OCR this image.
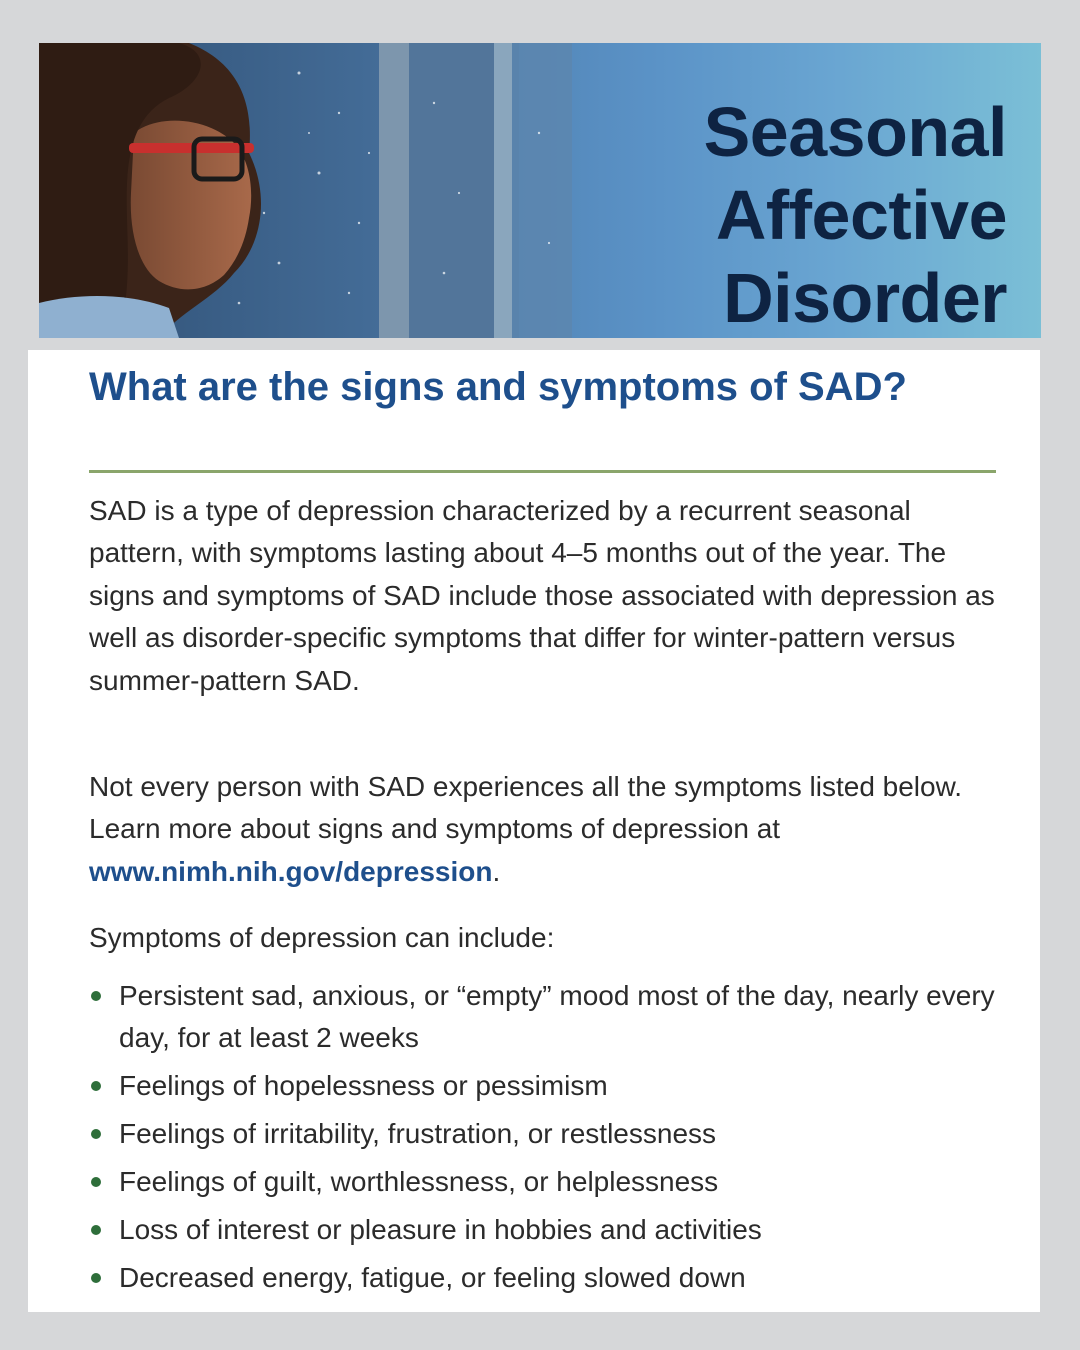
Seasonal
Affective
Disorder
What are the signs and symptoms of SAD?

SAD is a type of depression characterized by a recurrent seasonal pattern, with symptoms lasting about 4–5 months out of the year. The signs and symptoms of SAD include those associated with depression as well as disorder-specific symptoms that differ for winter-pattern versus summer-pattern SAD.

Not every person with SAD experiences all the symptoms listed below. Learn more about signs and symptoms of depression at www.nimh.nih.gov/depression.

Symptoms of depression can include:

Persistent sad, anxious, or “empty” mood most of the day, nearly every day, for at least 2 weeks
Feelings of hopelessness or pessimism
Feelings of irritability, frustration, or restlessness
Feelings of guilt, worthlessness, or helplessness
Loss of interest or pleasure in hobbies and activities
Decreased energy, fatigue, or feeling slowed down
